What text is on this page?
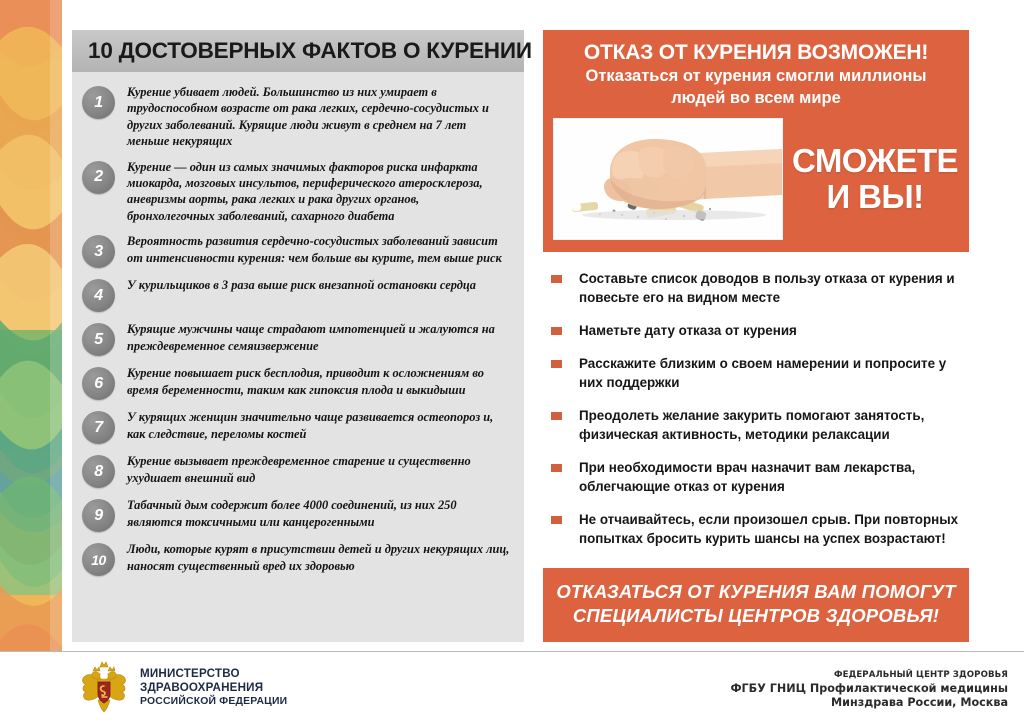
10 ДОСТОВЕРНЫХ ФАКТОВ О КУРЕНИИ
1
Курение убивает людей. Большинство из них умирает в трудоспособном возрасте от рака легких, сердечно-сосудистых и других заболеваний. Курящие люди живут в среднем на 7 лет меньше некурящих
2
Курение — один из самых значимых факторов риска инфаркта миокарда, мозговых инсультов, периферического атеросклероза, аневризмы аорты, рака легких и рака других органов, бронхолегочных заболеваний, сахарного диабета
3
Вероятность развития сердечно-сосудистых заболеваний зависит от интенсивности курения: чем больше вы курите, тем выше риск
4
У курильщиков в 3 раза выше риск внезапной остановки сердца
5
Курящие мужчины чаще страдают импотенцией и жалуются на преждевременное семяизвержение
6
Курение повышает риск бесплодия, приводит к осложнениям во время беременности, таким как гипоксия плода и выкидыши
7
У курящих женщин значительно чаще развивается остеопороз и, как следствие, переломы костей
8
Курение вызывает преждевременное старение и существенно ухудшает внешний вид
9
Табачный дым содержит более 4000 соединений, из них 250 являются токсичными или канцерогенными
10
Люди, которые курят в присутствии детей и других некурящих лиц, наносят существенный вред их здоровью
ОТКАЗ ОТ КУРЕНИЯ ВОЗМОЖЕН!
Отказаться от курения смогли миллионы
людей во всем мире
СМОЖЕТЕ
И ВЫ!
Составьте список доводов в пользу отказа от курения и повесьте его на видном месте
Наметьте дату отказа от курения
Расскажите близким о своем намерении и попросите у них поддержки
Преодолеть желание закурить помогают занятость, физическая активность, методики релаксации
При необходимости врач назначит вам лекарства, облегчающие отказ от курения
Не отчаивайтесь, если произошел срыв. При повторных попытках бросить курить шансы на успех возрастают!
ОТКАЗАТЬСЯ ОТ КУРЕНИЯ ВАМ ПОМОГУТ
СПЕЦИАЛИСТЫ ЦЕНТРОВ ЗДОРОВЬЯ!
МИНИСТЕРСТВО
ЗДРАВООХРАНЕНИЯ
РОССИЙСКОЙ ФЕДЕРАЦИИ
ФЕДЕРАЛЬНЫЙ ЦЕНТР ЗДОРОВЬЯ
ФГБУ ГНИЦ Профилактической медицины
Минздрава России, Москва
